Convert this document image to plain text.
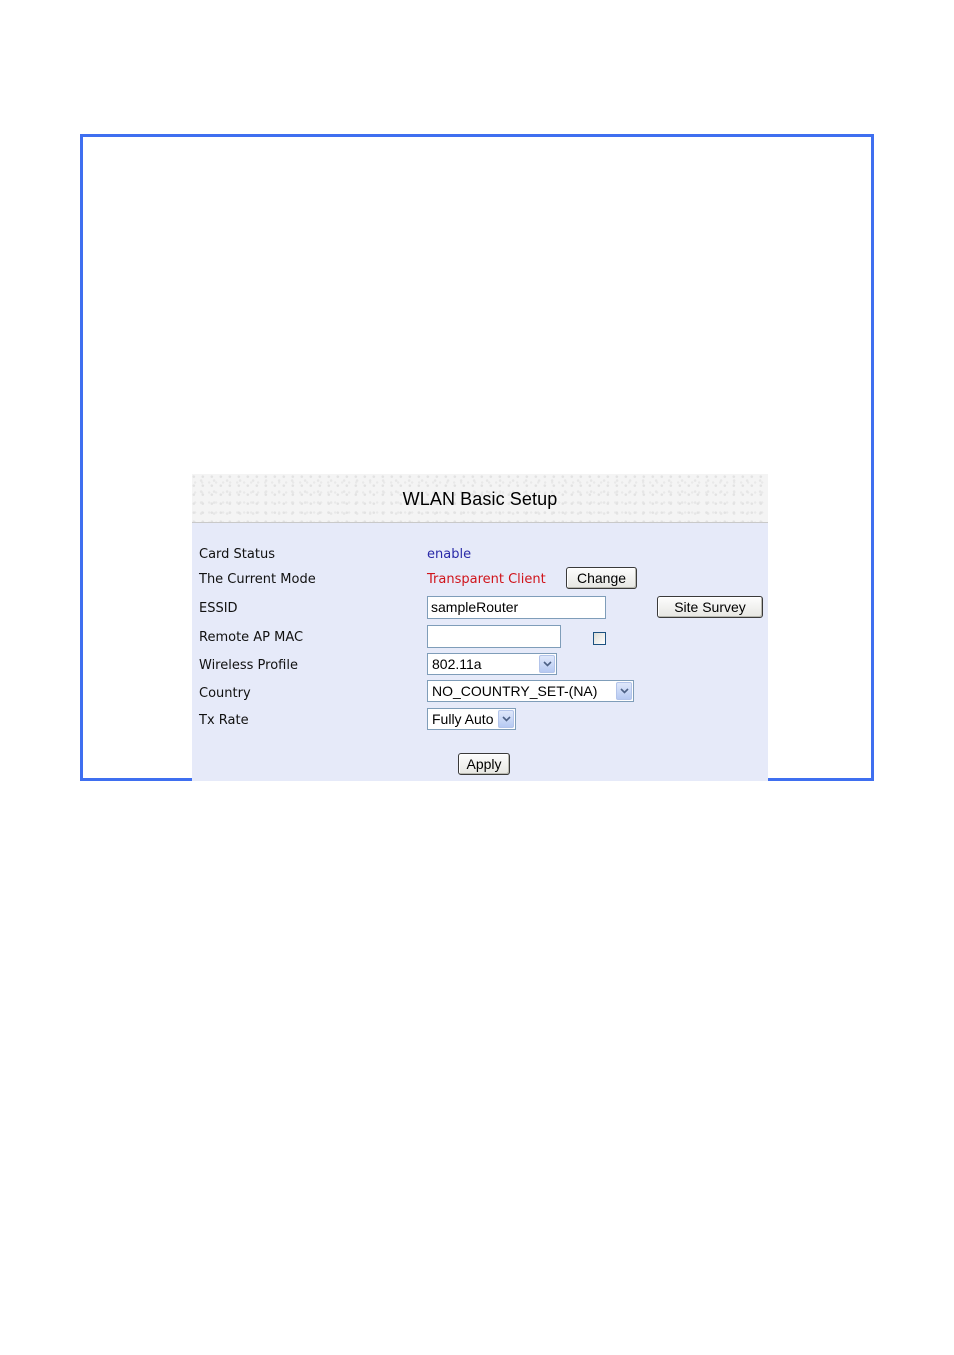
WLAN Basic Setup
Card Status	enable
The Current Mode	Transparent Client	Change
ESSID	sampleRouter	Site Survey
Remote AP MAC
Wireless Profile	802.11a
Country	NO_COUNTRY_SET-(NA)
Tx Rate	Fully Auto
Apply
